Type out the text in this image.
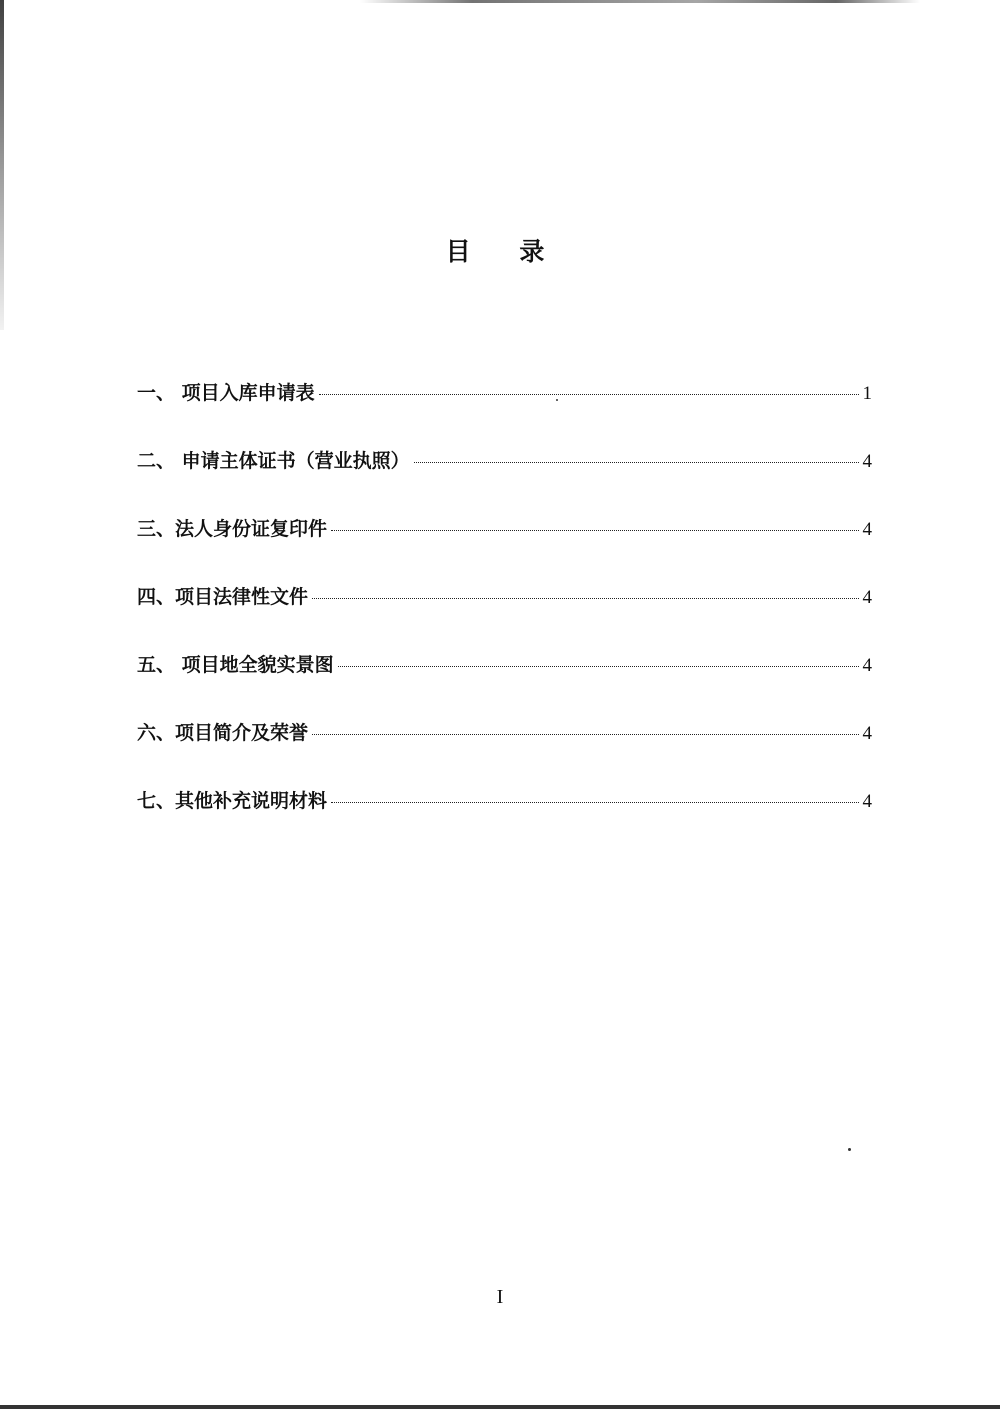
目 录
一、 项目入库申请表	1
二、 申请主体证书（营业执照）	4
三、法人身份证复印件	4
四、项目法律性文件	4
五、 项目地全貌实景图	4
六、项目简介及荣誉	4
七、其他补充说明材料	4
I
